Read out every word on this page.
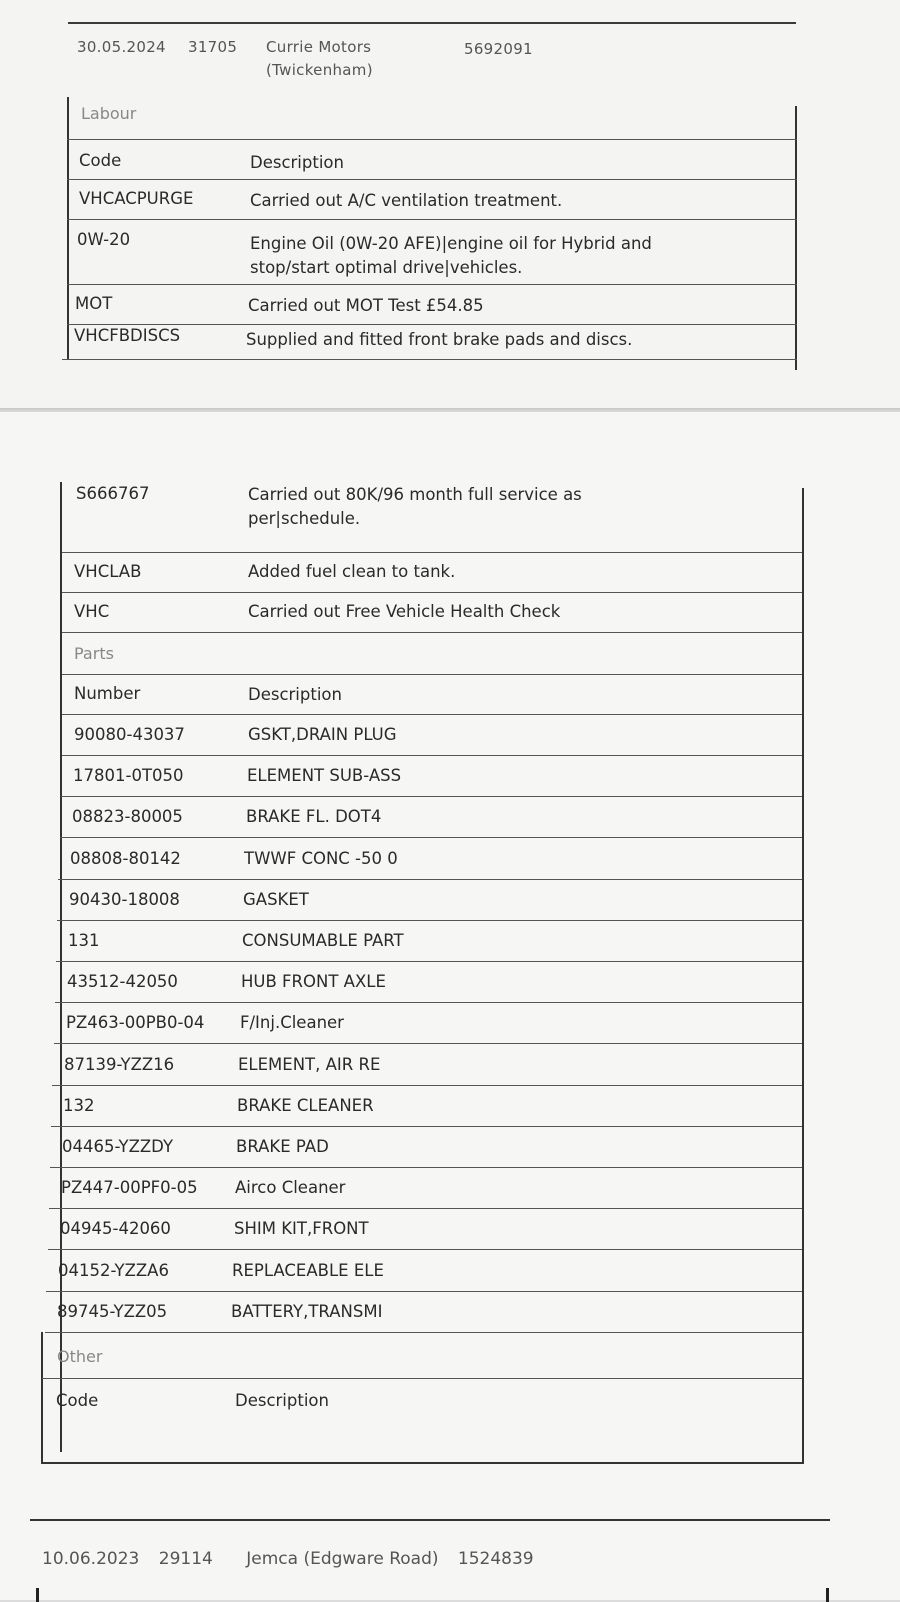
30.05.2024 31705 Currie Motors
(Twickenham)
5692091
Labour
Code	Description
VHCACPURGE	Carried out A/C ventilation treatment.
0W-20	Engine Oil (0W-20 AFE)|engine oil for Hybrid and
stop/start optimal drive|vehicles.
MOT	Carried out MOT Test £54.85
VHCFBDISCS	Supplied and fitted front brake pads and discs.
S666767	Carried out 80K/96 month full service as
per|schedule.
VHCLAB	Added fuel clean to tank.
VHC	Carried out Free Vehicle Health Check
Parts
Number	Description
90080-43037	GSKT,DRAIN PLUG
17801-0T050	ELEMENT SUB-ASS
08823-80005	BRAKE FL. DOT4
08808-80142	TWWF CONC -50 0
90430-18008	GASKET
131	CONSUMABLE PART
43512-42050	HUB FRONT AXLE
PZ463-00PB0-04 F/Inj.Cleaner
87139-YZZ16	ELEMENT, AIR RE
132	BRAKE CLEANER
04465-YZZDY	BRAKE PAD
PZ447-00PF0-05 Airco Cleaner
04945-42060	SHIM KIT,FRONT
04152-YZZA6	REPLACEABLE ELE
89745-YZZ05	BATTERY,TRANSMI
Other
Code	Description
10.06.2023 29114 Jemca (Edgware Road) 1524839
